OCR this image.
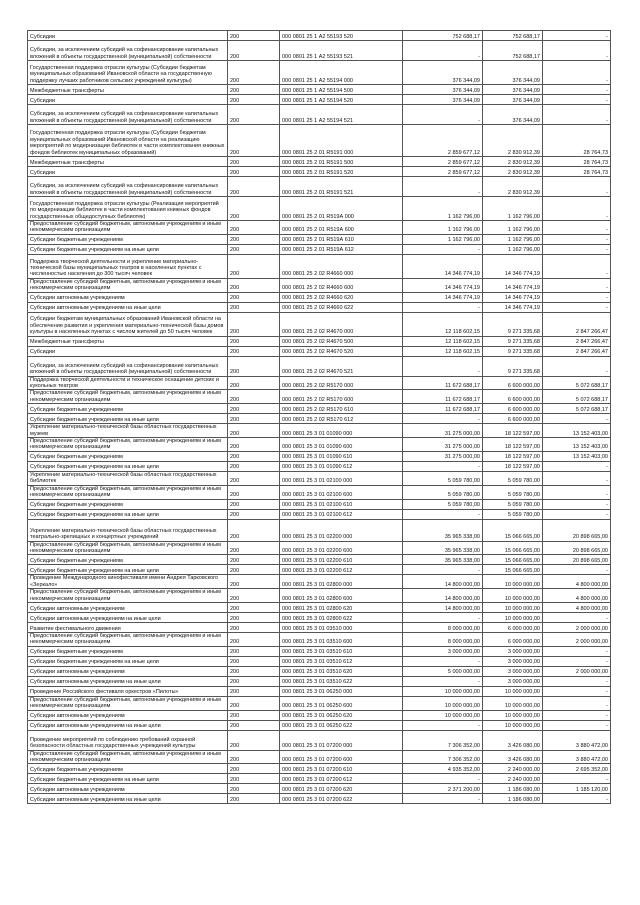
Субсидии	200	000 0801 25 1 А2 55193 520	752 688,17	752 688,17	-
Субсидии, за исключением субсидий на софинансирование капитальных вложений в объекты государственной (муниципальной) собственности	200	000 0801 25 1 А2 55193 521	-	752 688,17	-
Государственная поддержка отрасли культуры (Субсидии бюджетам муниципальных образований Ивановской области на государственную поддержку лучших работников сельских учреждений культуры)	200	000 0801 25 1 А2 55194 000	376 344,09	376 344,09	-
Межбюджетные трансферты	200	000 0801 25 1 А2 55194 500	376 344,09	376 344,09	-
Субсидии	200	000 0801 25 1 А2 55194 520	376 344,09	376 344,09	-
Субсидии, за исключением субсидий на софинансирование капитальных вложений в объекты государственной (муниципальной) собственности	200	000 0801 25 1 А2 55194 521	-	376 344,09	-
Государственная поддержка отрасли культуры (Субсидии бюджетам муниципальных образований Ивановской области на реализацию мероприятий по модернизации библиотек в части комплектования книжных фондов библиотек муниципальных образований)	200	000 0801 25 2 01 R5191 000	2 859 677,12	2 830 912,39	28 764,73
Межбюджетные трансферты	200	000 0801 25 2 01 R5191 500	2 859 677,12	2 830 912,39	28 764,73
Субсидии	200	000 0801 25 2 01 R5191 520	2 859 677,12	2 830 912,39	28 764,73
Субсидии, за исключением субсидий на софинансирование капитальных вложений в объекты государственной (муниципальной) собственности	200	000 0801 25 2 01 R5191 521	-	2 830 912,39	-
Государственная поддержка отрасли культуры (Реализация мероприятий по модернизации библиотек в части комплектования книжных фондов государственных общедоступных библиотек)	200	000 0801 25 2 01 R519А 000	1 162 796,00	1 162 796,00	-
Предоставление субсидий бюджетным, автономным учреждениям и иным некоммерческим организациям	200	000 0801 25 2 01 R519А 600	1 162 796,00	1 162 796,00	-
Субсидии бюджетным учреждениям	200	000 0801 25 2 01 R519А 610	1 162 796,00	1 162 796,00	-
Субсидии бюджетным учреждениям на иные цели	200	000 0801 25 2 01 R519А 612	-	1 162 796,00	-
Поддержка творческой деятельности и укрепление материально-технической базы муниципальных театров в населенных пунктах с численностью населения до 300 тысяч человек	200	000 0801 25 2 02 R4660 000	14 346 774,19	14 346 774,19	-
Предоставление субсидий бюджетным, автономным учреждениям и иным некоммерческим организациям	200	000 0801 25 2 02 R4660 600	14 346 774,19	14 346 774,19	-
Субсидии автономным учреждениям	200	000 0801 25 2 02 R4660 620	14 346 774,19	14 346 774,19	-
Субсидии автономным учреждениям на иные цели	200	000 0801 25 2 02 R4660 622	-	14 346 774,19	-
Субсидии бюджетам муниципальных образований Ивановской области на обеспечение развития и укрепления материально-технической базы домов культуры в населенных пунктах с числом жителей до 50 тысяч человек	200	000 0801 25 2 02 R4670 000	12 118 602,15	9 271 335,68	2 847 266,47
Межбюджетные трансферты	200	000 0801 25 2 02 R4670 500	12 118 602,15	9 271 335,68	2 847 266,47
Субсидии	200	000 0801 25 2 02 R4670 520	12 118 602,15	9 271 335,68	2 847 266,47
Субсидии, за исключением субсидий на софинансирование капитальных вложений в объекты государственной (муниципальной) собственности	200	000 0801 25 2 02 R4670 521	-	9 271 335,68	-
Поддержка творческой деятельности и техническое оснащение детских и кукольных театров	200	000 0801 25 2 02 R5170 000	11 672 688,17	6 600 000,00	5 072 688,17
Предоставление субсидий бюджетным, автономным учреждениям и иным некоммерческим организациям	200	000 0801 25 2 02 R5170 600	11 672 688,17	6 600 000,00	5 072 688,17
Субсидии бюджетным учреждениям	200	000 0801 25 2 02 R5170 610	11 672 688,17	6 600 000,00	5 072 688,17
Субсидии бюджетным учреждениям на иные цели	200	000 0801 25 2 02 R5170 612	-	6 600 000,00	-
Укрепление материально-технической базы областных государственных музеев	200	000 0801 25 3 01 01090 000	31 275 000,00	18 122 597,00	13 152 403,00
Предоставление субсидий бюджетным, автономным учреждениям и иным некоммерческим организациям	200	000 0801 25 3 01 01090 600	31 275 000,00	18 122 597,00	13 152 403,00
Субсидии бюджетным учреждениям	200	000 0801 25 3 01 01090 610	31 275 000,00	18 122 597,00	13 152 403,00
Субсидии бюджетным учреждениям на иные цели	200	000 0801 25 3 01 01090 612	-	18 122 597,00	-
Укрепление материально-технической базы областных государственных библиотек	200	000 0801 25 3 01 02100 000	5 059 780,00	5 059 780,00	-
Предоставление субсидий бюджетным, автономным учреждениям и иным некоммерческим организациям	200	000 0801 25 3 01 02100 600	5 059 780,00	5 059 780,00	-
Субсидии бюджетным учреждениям	200	000 0801 25 3 01 02100 610	5 059 780,00	5 059 780,00	-
Субсидии бюджетным учреждениям на иные цели	200	000 0801 25 3 01 02100 612	-	5 059 780,00	-
Укрепление материально-технической базы областных государственных театрально-зрелищных и концертных учреждений	200	000 0801 25 3 01 02200 000	35 965 338,00	15 066 665,00	20 898 665,00
Предоставление субсидий бюджетным, автономным учреждениям и иным некоммерческим организациям	200	000 0801 25 3 01 02200 600	35 965 338,00	15 066 665,00	20 898 665,00
Субсидии бюджетным учреждениям	200	000 0801 25 3 01 02200 610	35 965 338,00	15 066 665,00	20 898 665,00
Субсидии бюджетным учреждениям на иные цели	200	000 0801 25 3 01 02200 612	-	15 066 665,00	-
Проведение Международного кинофестиваля имени Андрея Тарковского «Зеркало»	200	000 0801 25 3 01 02800 000	14 800 000,00	10 000 000,00	4 800 000,00
Предоставление субсидий бюджетным, автономным учреждениям и иным некоммерческим организациям	200	000 0801 25 3 01 02800 600	14 800 000,00	10 000 000,00	4 800 000,00
Субсидии автономным учреждениям	200	000 0801 25 3 01 02800 620	14 800 000,00	10 000 000,00	4 800 000,00
Субсидии автономным учреждениям на иные цели	200	000 0801 25 3 01 02800 622	-	10 000 000,00	-
Развитие фестивального движения	200	000 0801 25 3 01 03510 000	8 000 000,00	6 000 000,00	2 000 000,00
Предоставление субсидий бюджетным, автономным учреждениям и иным некоммерческим организациям	200	000 0801 25 3 01 03510 600	8 000 000,00	6 000 000,00	2 000 000,00
Субсидии бюджетным учреждениям	200	000 0801 25 3 01 03510 610	3 000 000,00	3 000 000,00	-
Субсидии бюджетным учреждениям на иные цели	200	000 0801 25 3 01 03510 612	-	3 000 000,00	-
Субсидии автономным учреждениям	200	000 0801 25 3 01 03510 620	5 000 000,00	3 000 000,00	2 000 000,00
Субсидии автономным учреждениям на иные цели	200	000 0801 25 3 01 03510 622	-	3 000 000,00	-
Проведение Российского фестиваля оркестров «Пилоты»	200	000 0801 25 3 01 06250 000	10 000 000,00	10 000 000,00	-
Предоставление субсидий бюджетным, автономным учреждениям и иным некоммерческим организациям	200	000 0801 25 3 01 06250 600	10 000 000,00	10 000 000,00	-
Субсидии автономным учреждениям	200	000 0801 25 3 01 06250 620	10 000 000,00	10 000 000,00	-
Субсидии автономным учреждениям на иные цели	200	000 0801 25 3 01 06250 622	-	10 000 000,00	-
Проведение мероприятий по соблюдению требований охранной безопасности областных государственных учреждений культуры	200	000 0801 25 3 01 07200 000	7 306 352,00	3 426 080,00	3 880 472,00
Предоставление субсидий бюджетным, автономным учреждениям и иным некоммерческим организациям	200	000 0801 25 3 01 07200 600	7 306 352,00	3 426 080,00	3 880 472,00
Субсидии бюджетным учреждениям	200	000 0801 25 3 01 07200 610	4 935 352,00	2 240 000,00	2 695 352,00
Субсидии бюджетным учреждениям на иные цели	200	000 0801 25 3 01 07200 612	-	2 240 000,00	-
Субсидии автономным учреждениям	200	000 0801 25 3 01 07200 620	2 371 200,00	1 186 080,00	1 185 120,00
Субсидии автономным учреждениям на иные цели	200	000 0801 25 3 01 07200 622	-	1 186 080,00	-
